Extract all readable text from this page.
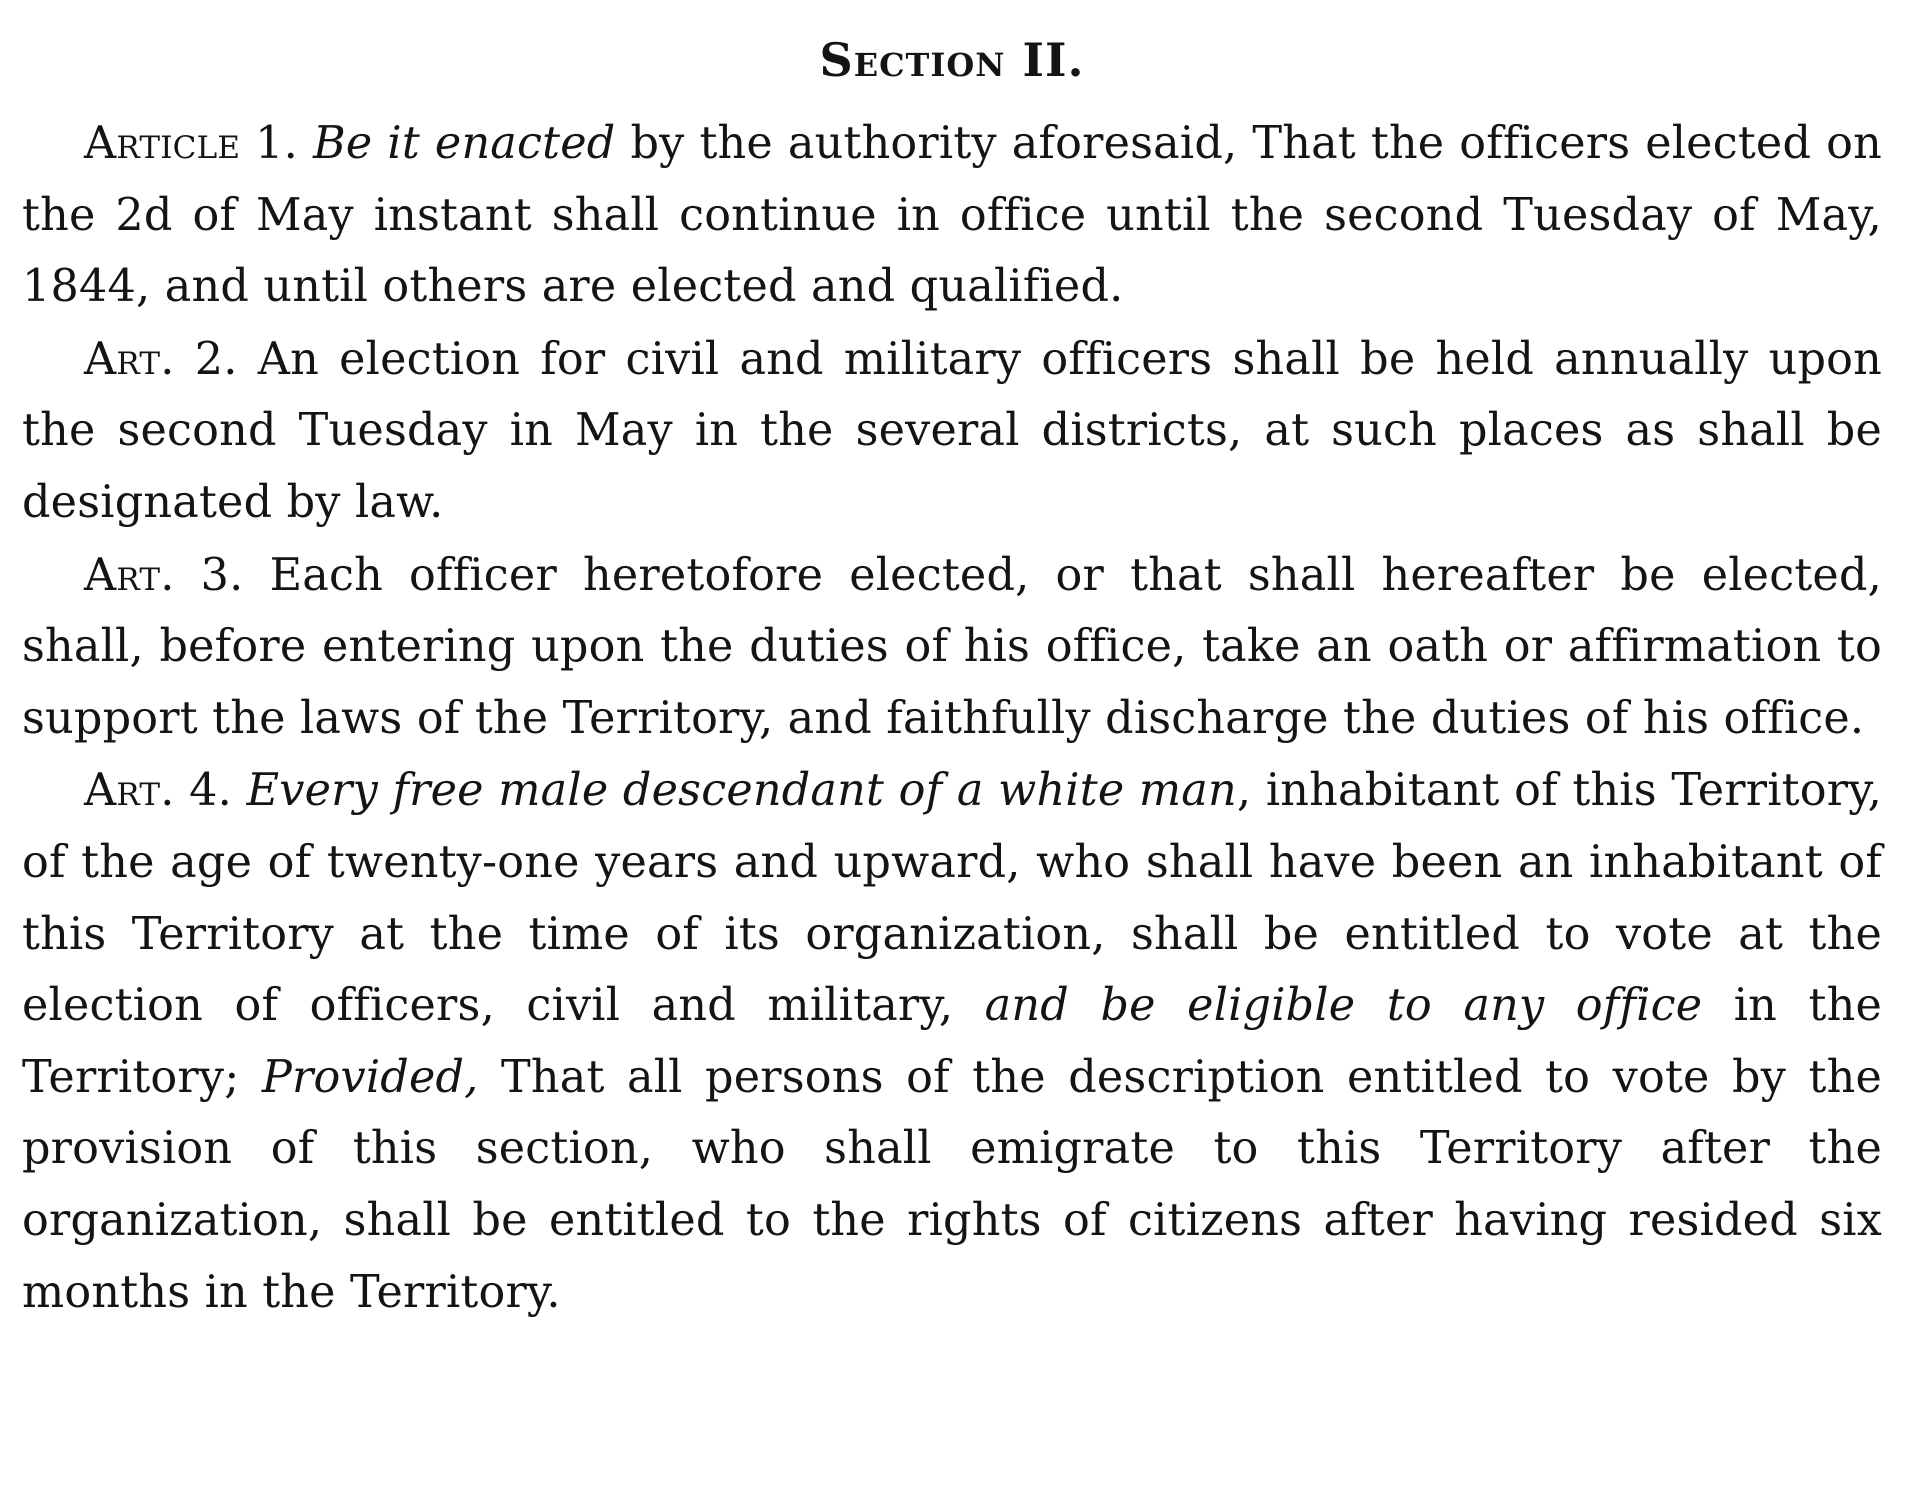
Section II.

Article 1. Be it enacted by the authority aforesaid, That the officers elected on the 2d of May instant shall continue in office until the second Tuesday of May, 1844, and until others are elected and qualified.

Art. 2. An election for civil and military officers shall be held annually upon the second Tuesday in May in the several districts, at such places as shall be designated by law.

Art. 3. Each officer heretofore elected, or that shall hereafter be elected, shall, before entering upon the duties of his office, take an oath or affirmation to support the laws of the Territory, and faithfully discharge the duties of his office.

Art. 4. Every free male descendant of a white man, inhabitant of this Territory, of the age of twenty-one years and upward, who shall have been an inhabitant of this Territory at the time of its organization, shall be entitled to vote at the election of officers, civil and military, and be eligible to any office in the Territory; Provided, That all persons of the description entitled to vote by the provision of this section, who shall emigrate to this Territory after the organization, shall be entitled to the rights of citizens after having resided six months in the Territory.
